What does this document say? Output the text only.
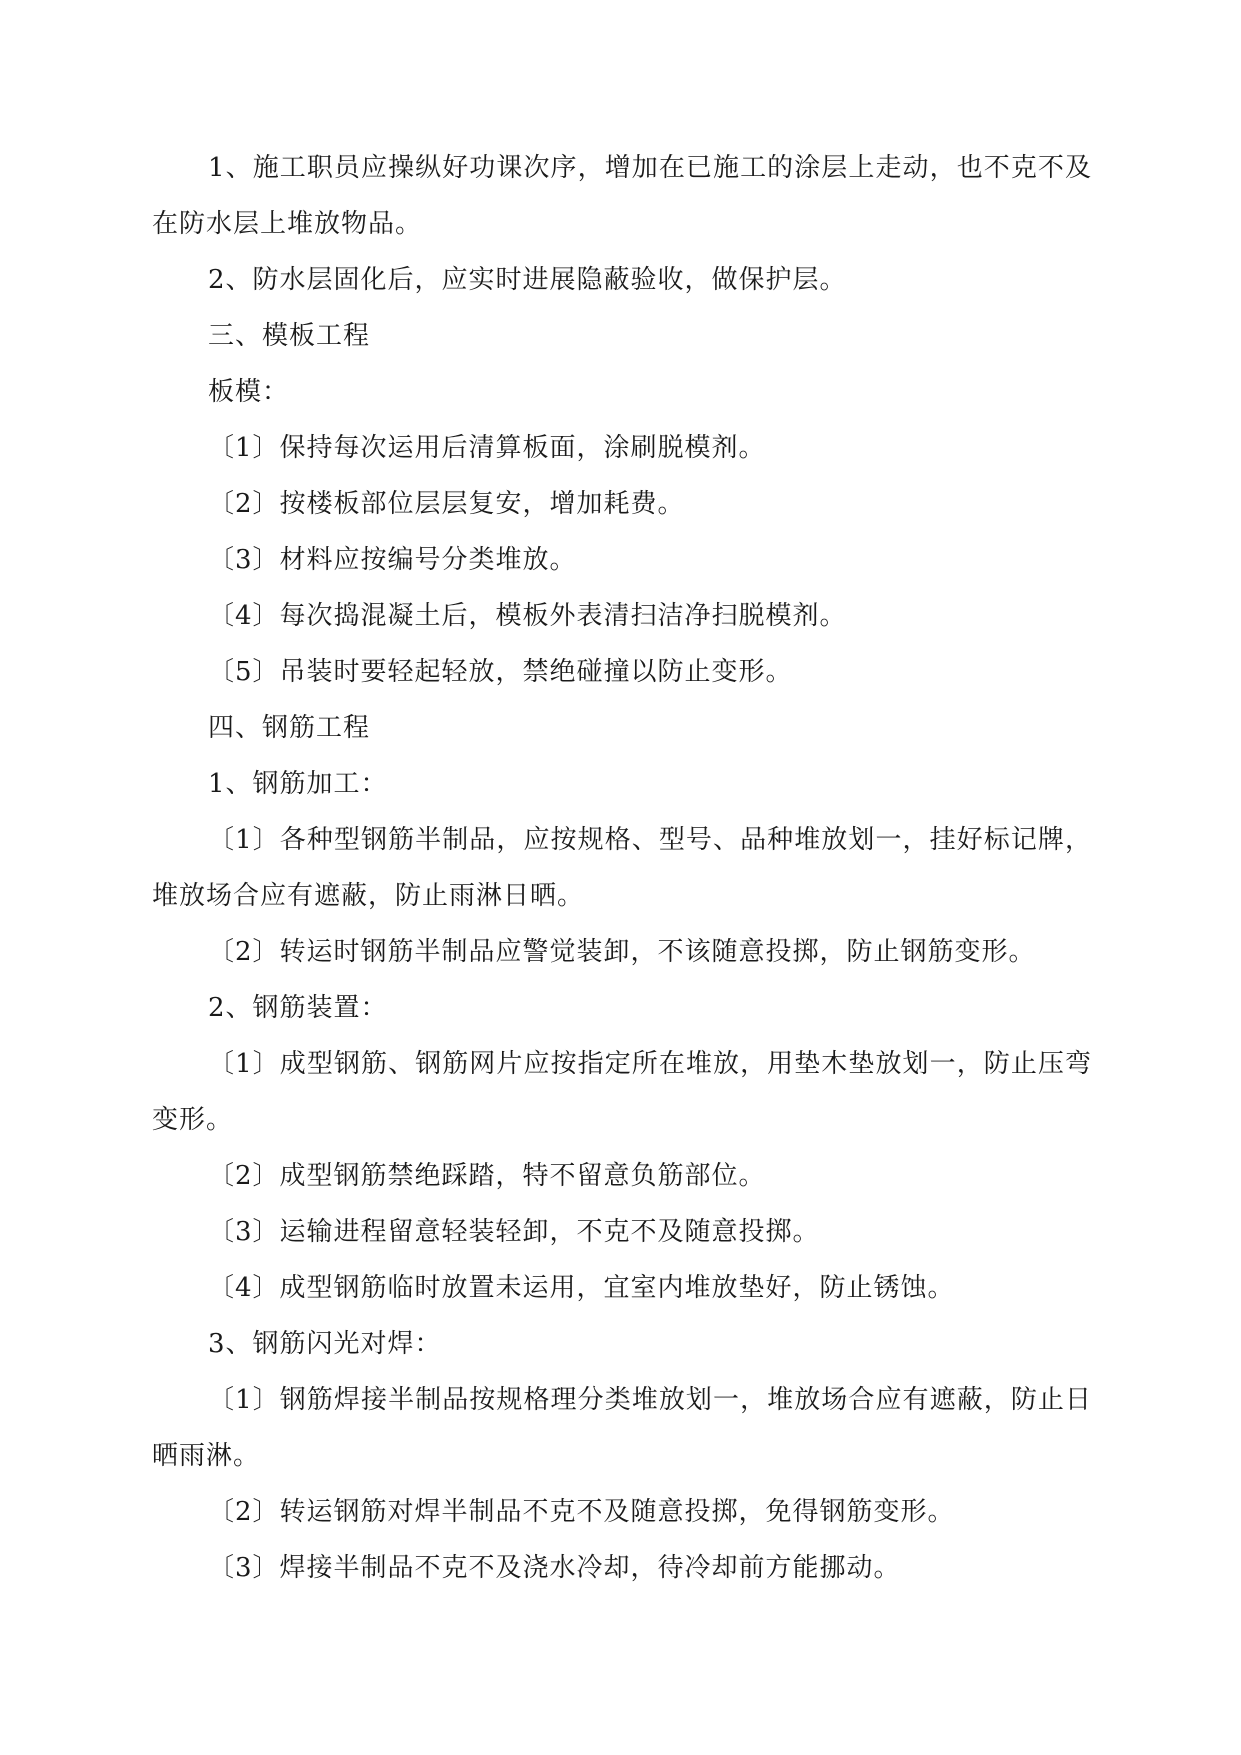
1、施工职员应操纵好功课次序，增加在已施工的涂层上走动，也不克不及在防水层上堆放物品。

2、防水层固化后，应实时进展隐蔽验收，做保护层。

三、模板工程

板模：

〔1〕保持每次运用后清算板面，涂刷脱模剂。

〔2〕按楼板部位层层复安，增加耗费。

〔3〕材料应按编号分类堆放。

〔4〕每次捣混凝土后，模板外表清扫洁净扫脱模剂。

〔5〕吊装时要轻起轻放，禁绝碰撞以防止变形。

四、钢筋工程

1、钢筋加工：

〔1〕各种型钢筋半制品，应按规格、型号、品种堆放划一，挂好标记牌，堆放场合应有遮蔽，防止雨淋日晒。

〔2〕转运时钢筋半制品应警觉装卸，不该随意投掷，防止钢筋变形。

2、钢筋装置：

〔1〕成型钢筋、钢筋网片应按指定所在堆放，用垫木垫放划一，防止压弯变形。

〔2〕成型钢筋禁绝踩踏，特不留意负筋部位。

〔3〕运输进程留意轻装轻卸，不克不及随意投掷。

〔4〕成型钢筋临时放置未运用，宜室内堆放垫好，防止锈蚀。

3、钢筋闪光对焊：

〔1〕钢筋焊接半制品按规格理分类堆放划一，堆放场合应有遮蔽，防止日晒雨淋。

〔2〕转运钢筋对焊半制品不克不及随意投掷，免得钢筋变形。

〔3〕焊接半制品不克不及浇水冷却，待冷却前方能挪动。
